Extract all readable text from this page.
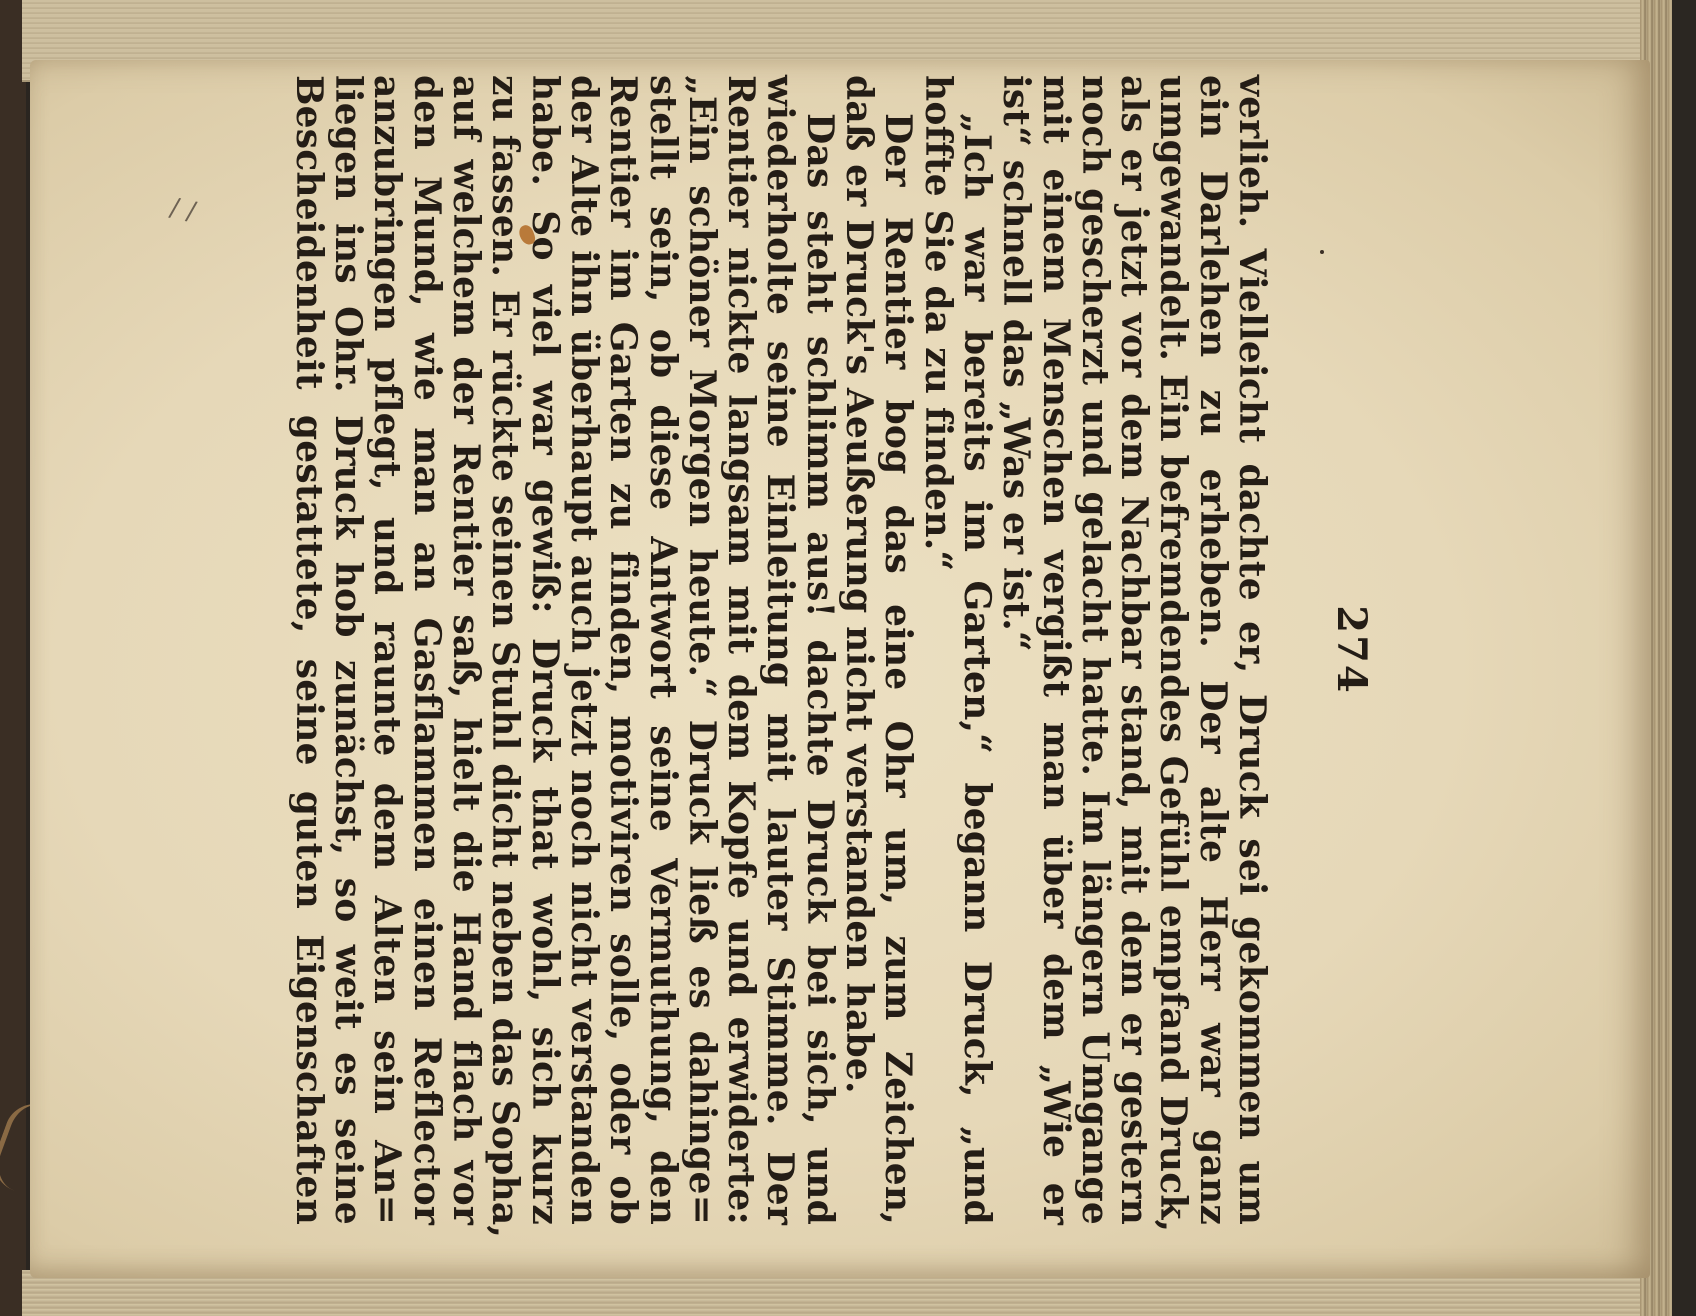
/ /
274
verlieh. Vielleicht dachte er, Druck sei gekommen um
ein Darlehen zu erheben. Der alte Herr war ganz
umgewandelt. Ein befremdendes Gefühl empfand Druck,
als er jetzt vor dem Nachbar stand, mit dem er gestern
noch gescherzt und gelacht hatte. Im längern Umgange
mit einem Menschen vergißt man über dem „Wie er
ist“ schnell das „Was er ist.“
„Ich war bereits im Garten,“ begann Druck, „und
hoffte Sie da zu finden.“
Der Rentier bog das eine Ohr um, zum Zeichen,
daß er Druck's Aeußerung nicht verstanden habe.
Das steht schlimm aus! dachte Druck bei sich, und
wiederholte seine Einleitung mit lauter Stimme. Der
Rentier nickte langsam mit dem Kopfe und erwiderte:
„Ein schöner Morgen heute.“ Druck ließ es dahinge=
stellt sein, ob diese Antwort seine Vermuthung, den
Rentier im Garten zu finden, motiviren solle, oder ob
der Alte ihn überhaupt auch jetzt noch nicht verstanden
habe. So viel war gewiß: Druck that wohl, sich kurz
zu fassen. Er rückte seinen Stuhl dicht neben das Sopha,
auf welchem der Rentier saß, hielt die Hand flach vor
den Mund, wie man an Gasflammen einen Reflector
anzubringen pflegt, und raunte dem Alten sein An=
liegen ins Ohr. Druck hob zunächst, so weit es seine
Bescheidenheit gestattete, seine guten Eigenschaften
